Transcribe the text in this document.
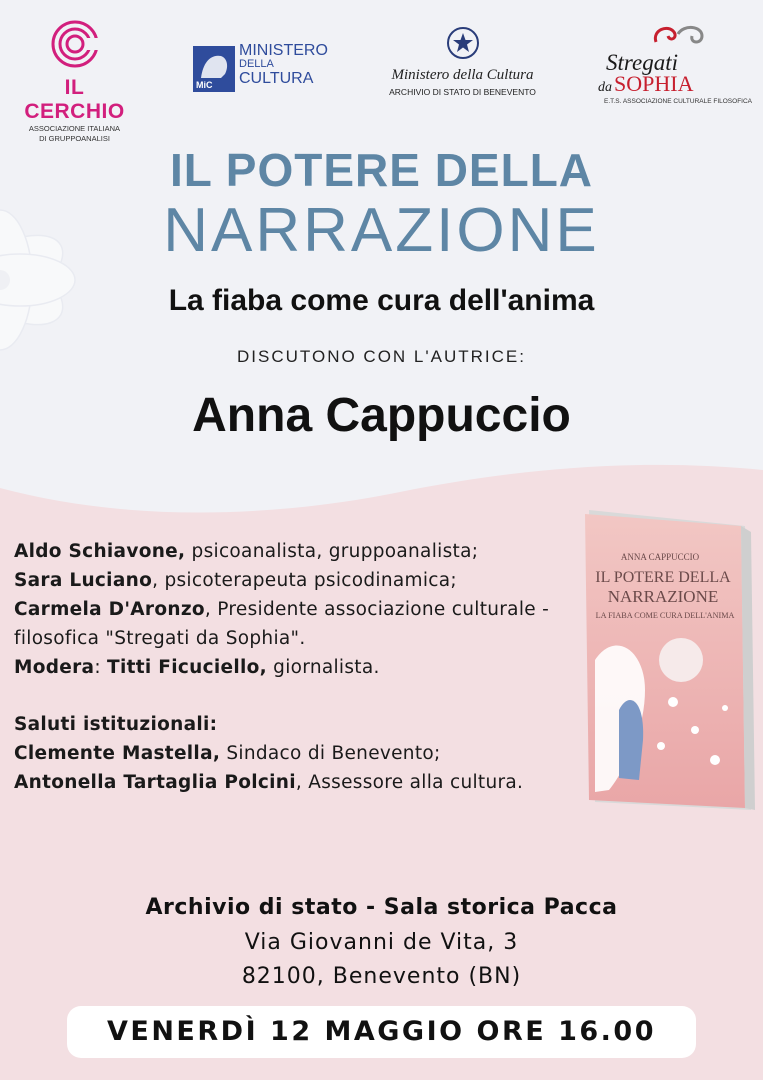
IL CERCHIO
ASSOCIAZIONE ITALIANA
DI GRUPPOANALISI
MiC
MINISTERO
DELLA
CULTURA	Ministero della Cultura
ARCHIVIO DI STATO DI BENEVENTO
Stregati
daSOPHIA
E.T.S. ASSOCIAZIONE CULTURALE FILOSOFICA
IL POTERE DELLA
NARRAZIONE
La fiaba come cura dell'anima
DISCUTONO CON L'AUTRICE:
Anna Cappuccio
Aldo Schiavone, psicoanalista, gruppoanalista;
Sara Luciano, psicoterapeuta psicodinamica;
Carmela D'Aronzo, Presidente associazione culturale - filosofica "Stregati da Sophia".
Modera: Titti Ficuciello, giornalista.
Saluti istituzionali:
Clemente Mastella, Sindaco di Benevento;
Antonella Tartaglia Polcini, Assessore alla cultura.
ANNA CAPPUCCIO
IL POTERE DELLA
NARRAZIONE
LA FIABA COME CURA DELL'ANIMA
Archivio di stato - Sala storica Pacca
Via Giovanni de Vita, 3
82100, Benevento (BN)
VENERDÌ 12 MAGGIO ORE 16.00
